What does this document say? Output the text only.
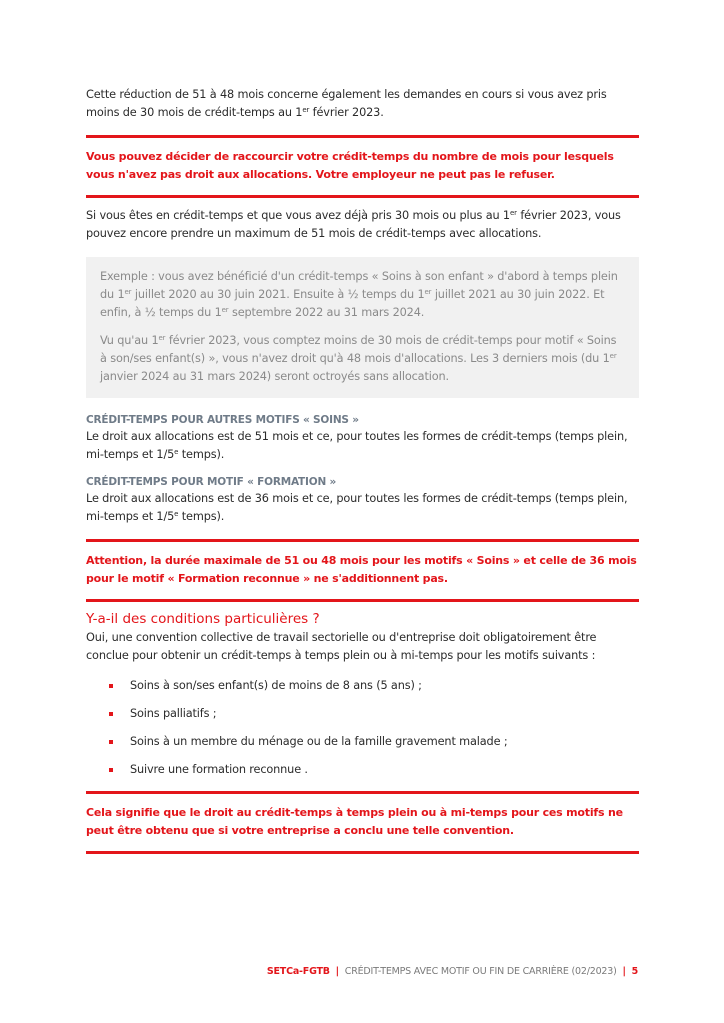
Cette réduction de 51 à 48 mois concerne également les demandes en cours si vous avez pris
moins de 30 mois de crédit-temps au 1er février 2023.

Vous pouvez décider de raccourcir votre crédit-temps du nombre de mois pour lesquels vous n'avez pas droit aux allocations. Votre employeur ne peut pas le refuser.

Si vous êtes en crédit-temps et que vous avez déjà pris 30 mois ou plus au 1er février 2023, vous pouvez encore prendre un maximum de 51 mois de crédit-temps avec allocations.

Exemple : vous avez bénéficié d'un crédit-temps « Soins à son enfant » d'abord à temps plein du 1er juillet 2020 au 30 juin 2021. Ensuite à ½ temps du 1er juillet 2021 au 30 juin 2022. Et enfin, à ½ temps du 1er septembre 2022 au 31 mars 2024.

Vu qu'au 1er février 2023, vous comptez moins de 30 mois de crédit-temps pour motif « Soins à son/ses enfant(s) », vous n'avez droit qu'à 48 mois d'allocations. Les 3 derniers mois (du 1er janvier 2024 au 31 mars 2024) seront octroyés sans allocation.

CRÉDIT-TEMPS POUR AUTRES MOTIFS « SOINS »

Le droit aux allocations est de 51 mois et ce, pour toutes les formes de crédit-temps (temps plein, mi-temps et 1/5e temps).

CRÉDIT-TEMPS POUR MOTIF « FORMATION »

Le droit aux allocations est de 36 mois et ce, pour toutes les formes de crédit-temps (temps plein, mi-temps et 1/5e temps).

Attention, la durée maximale de 51 ou 48 mois pour les motifs « Soins » et celle de 36 mois pour le motif « Formation reconnue » ne s'additionnent pas.

Y-a-il des conditions particulières ?

Oui, une convention collective de travail sectorielle ou d'entreprise doit obligatoirement être conclue pour obtenir un crédit-temps à temps plein ou à mi-temps pour les motifs suivants :

Soins à son/ses enfant(s) de moins de 8 ans (5 ans) ;
Soins palliatifs ;
Soins à un membre du ménage ou de la famille gravement malade ;
Suivre une formation reconnue .

Cela signifie que le droit au crédit-temps à temps plein ou à mi-temps pour ces motifs ne peut être obtenu que si votre entreprise a conclu une telle convention.

SETCa-FGTB | CRÉDIT-TEMPS AVEC MOTIF OU FIN DE CARRIÈRE (02/2023) | 5
